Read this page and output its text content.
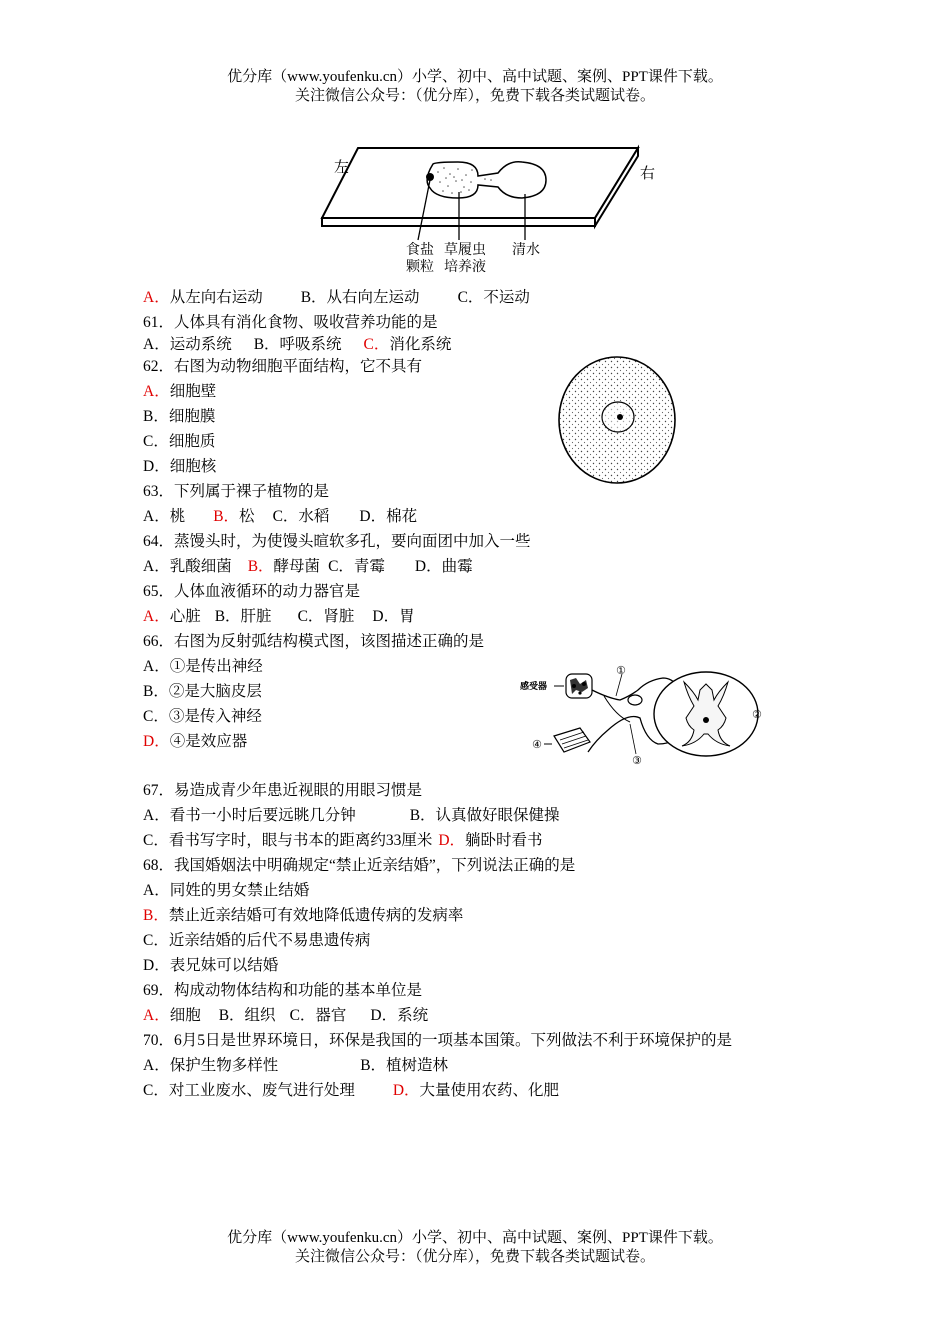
优分库（www.youfenku.cn）小学、初中、高中试题、案例、PPT课件下载。
关注微信公众号：（优分库），免费下载各类试题试卷。
左	右
食盐
颗粒
草履虫
培养液
清水
A．从左向右运动 B．从右向左运动 C．不运动
61．人体具有消化食物、吸收营养功能的是
A．运动系统 B．呼吸系统 C．消化系统
62．右图为动物细胞平面结构，它不具有
A．细胞壁
B．细胞膜
C．细胞质
D．细胞核
63．下列属于裸子植物的是
A．桃 B．松 C．水稻 D．棉花
64．蒸馒头时，为使馒头暄软多孔，要向面团中加入一些
A．乳酸细菌 B．酵母菌 C．青霉 D．曲霉
65．人体血液循环的动力器官是
A．心脏 B．肝脏 C．肾脏 D．胃
66．右图为反射弧结构模式图，该图描述正确的是
A．①是传出神经
B．②是大脑皮层
C．③是传入神经
D．④是效应器
感受器
①
②
③
④
67．易造成青少年患近视眼的用眼习惯是
A．看书一小时后要远眺几分钟	B．认真做好眼保健操
C．看书写字时，眼与书本的距离约33厘米 D．躺卧时看书
68．我国婚姻法中明确规定“禁止近亲结婚”，下列说法正确的是
A．同姓的男女禁止结婚
B．禁止近亲结婚可有效地降低遗传病的发病率
C．近亲结婚的后代不易患遗传病
D．表兄妹可以结婚
69．构成动物体结构和功能的基本单位是
A．细胞 B．组织 C．器官 D．系统
70．6月5日是世界环境日，环保是我国的一项基本国策。下列做法不利于环境保护的是
A．保护生物多样性	B．植树造林
C．对工业废水、废气进行处理 D．大量使用农药、化肥
优分库（www.youfenku.cn）小学、初中、高中试题、案例、PPT课件下载。
关注微信公众号：（优分库），免费下载各类试题试卷。
